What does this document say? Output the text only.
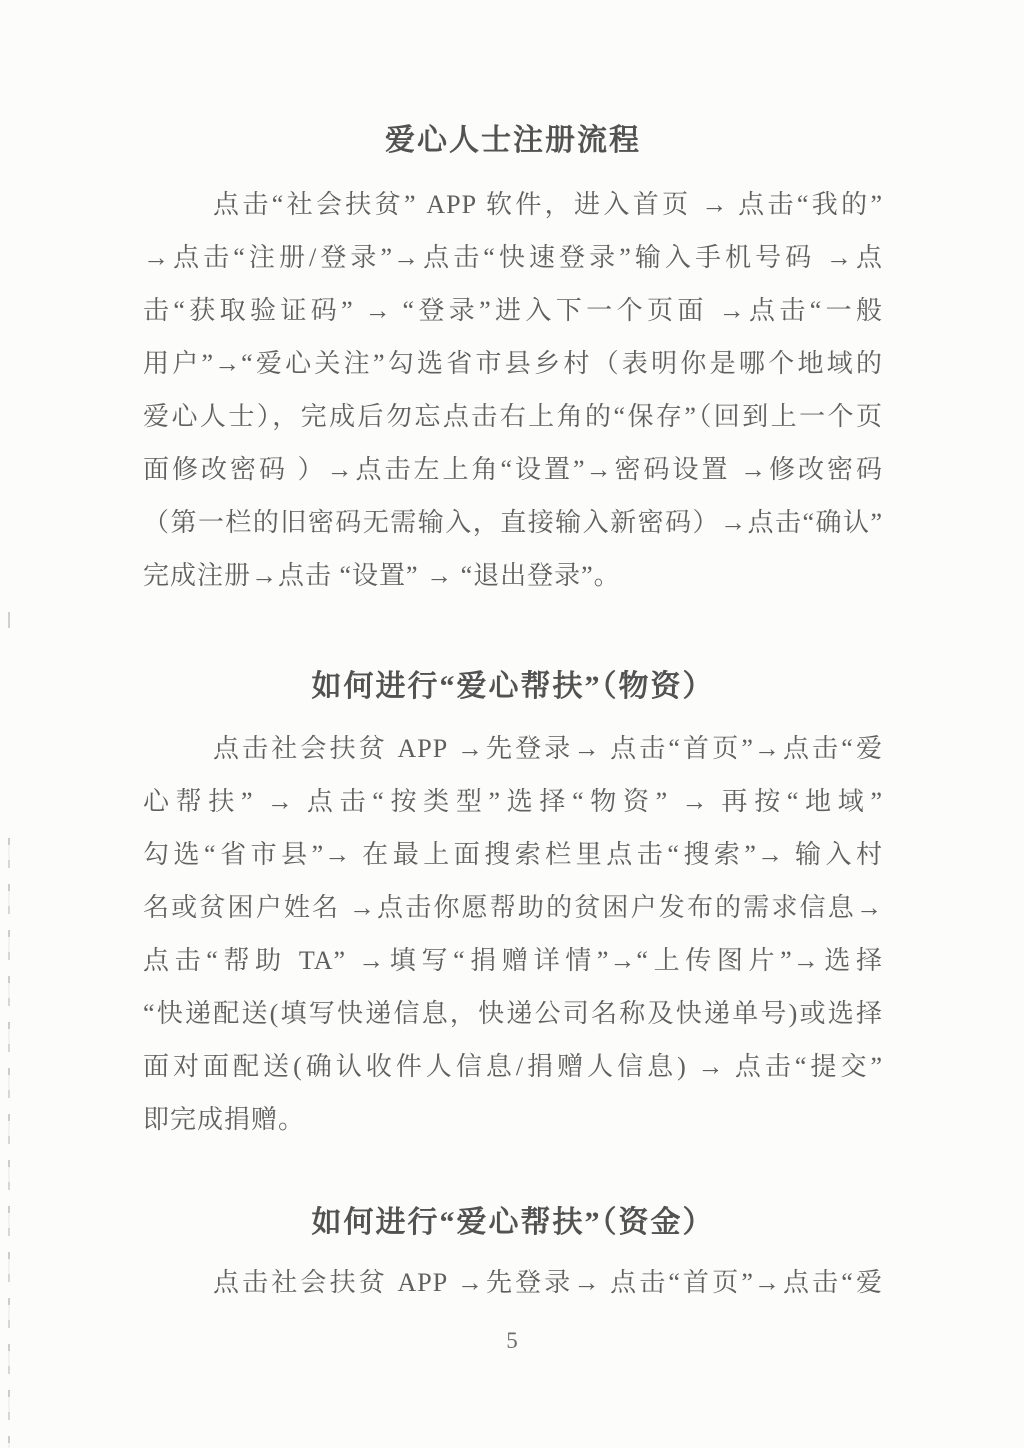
爱心人士注册流程
点击“社会扶贫” APP 软件，进入首页 → 点击“我的”
→点击“注册/登录”→点击“快速登录”输入手机号码 →点
击“获取验证码” → “登录”进入下一个页面 →点击“一般
用户”→“爱心关注”勾选省市县乡村（表明你是哪个地域的
爱心人士），完成后勿忘点击右上角的“保存”（回到上一个页
面修改密码 ）→点击左上角“设置”→密码设置 →修改密码
（第一栏的旧密码无需输入，直接输入新密码）→点击“确认”
完成注册→点击 “设置” → “退出登录”。
如何进行“爱心帮扶”（物资）
点击社会扶贫 APP →先登录→ 点击“首页”→点击“爱
心帮扶” → 点击“按类型”选择“物资” → 再按“地域”
勾选“省市县”→ 在最上面搜索栏里点击“搜索”→ 输入村
名或贫困户姓名 →点击你愿帮助的贫困户发布的需求信息→
点击“帮助 TA” →填写“捐赠详情”→“上传图片”→选择
“快递配送(填写快递信息，快递公司名称及快递单号)或选择
面对面配送(确认收件人信息/捐赠人信息) → 点击“提交”
即完成捐赠。
如何进行“爱心帮扶”（资金）
点击社会扶贫 APP →先登录→ 点击“首页”→点击“爱
5
